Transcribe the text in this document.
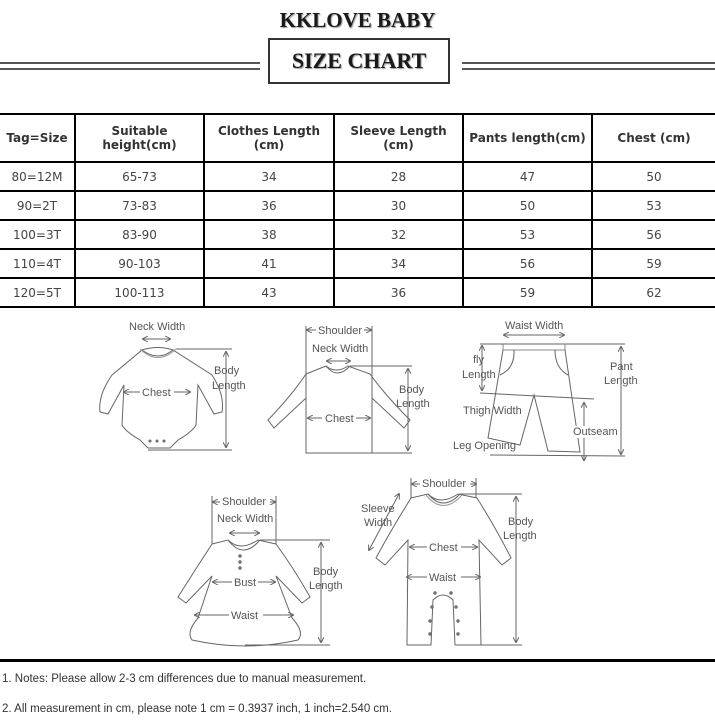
KKLOVE BABY
SIZE CHART
Tag=Size	Suitable height(cm)	Clothes Length (cm)	Sleeve Length (cm)	Pants length(cm)	Chest (cm)
80=12M	65-73	34	28	47	50
90=2T	73-83	36	30	50	53
100=3T	83-90	38	32	53	56
110=4T	90-103	41	34	56	59
120=5T	100-113	43	36	59	62
Neck Width
Chest
Body
Length
Shoulder
Neck Width
Chest
Body
Length
Waist Width
fly
Length
Pant
Length
Thigh Width
Outseam
Leg Opening
Shoulder
Neck Width
Bust
Waist
Body
Length
Shoulder
Sleeve
Width
Chest
Waist
Body
Length
1. Notes: Please allow 2-3 cm differences due to manual measurement.
2. All measurement in cm, please note 1 cm = 0.3937 inch, 1 inch=2.540 cm.
